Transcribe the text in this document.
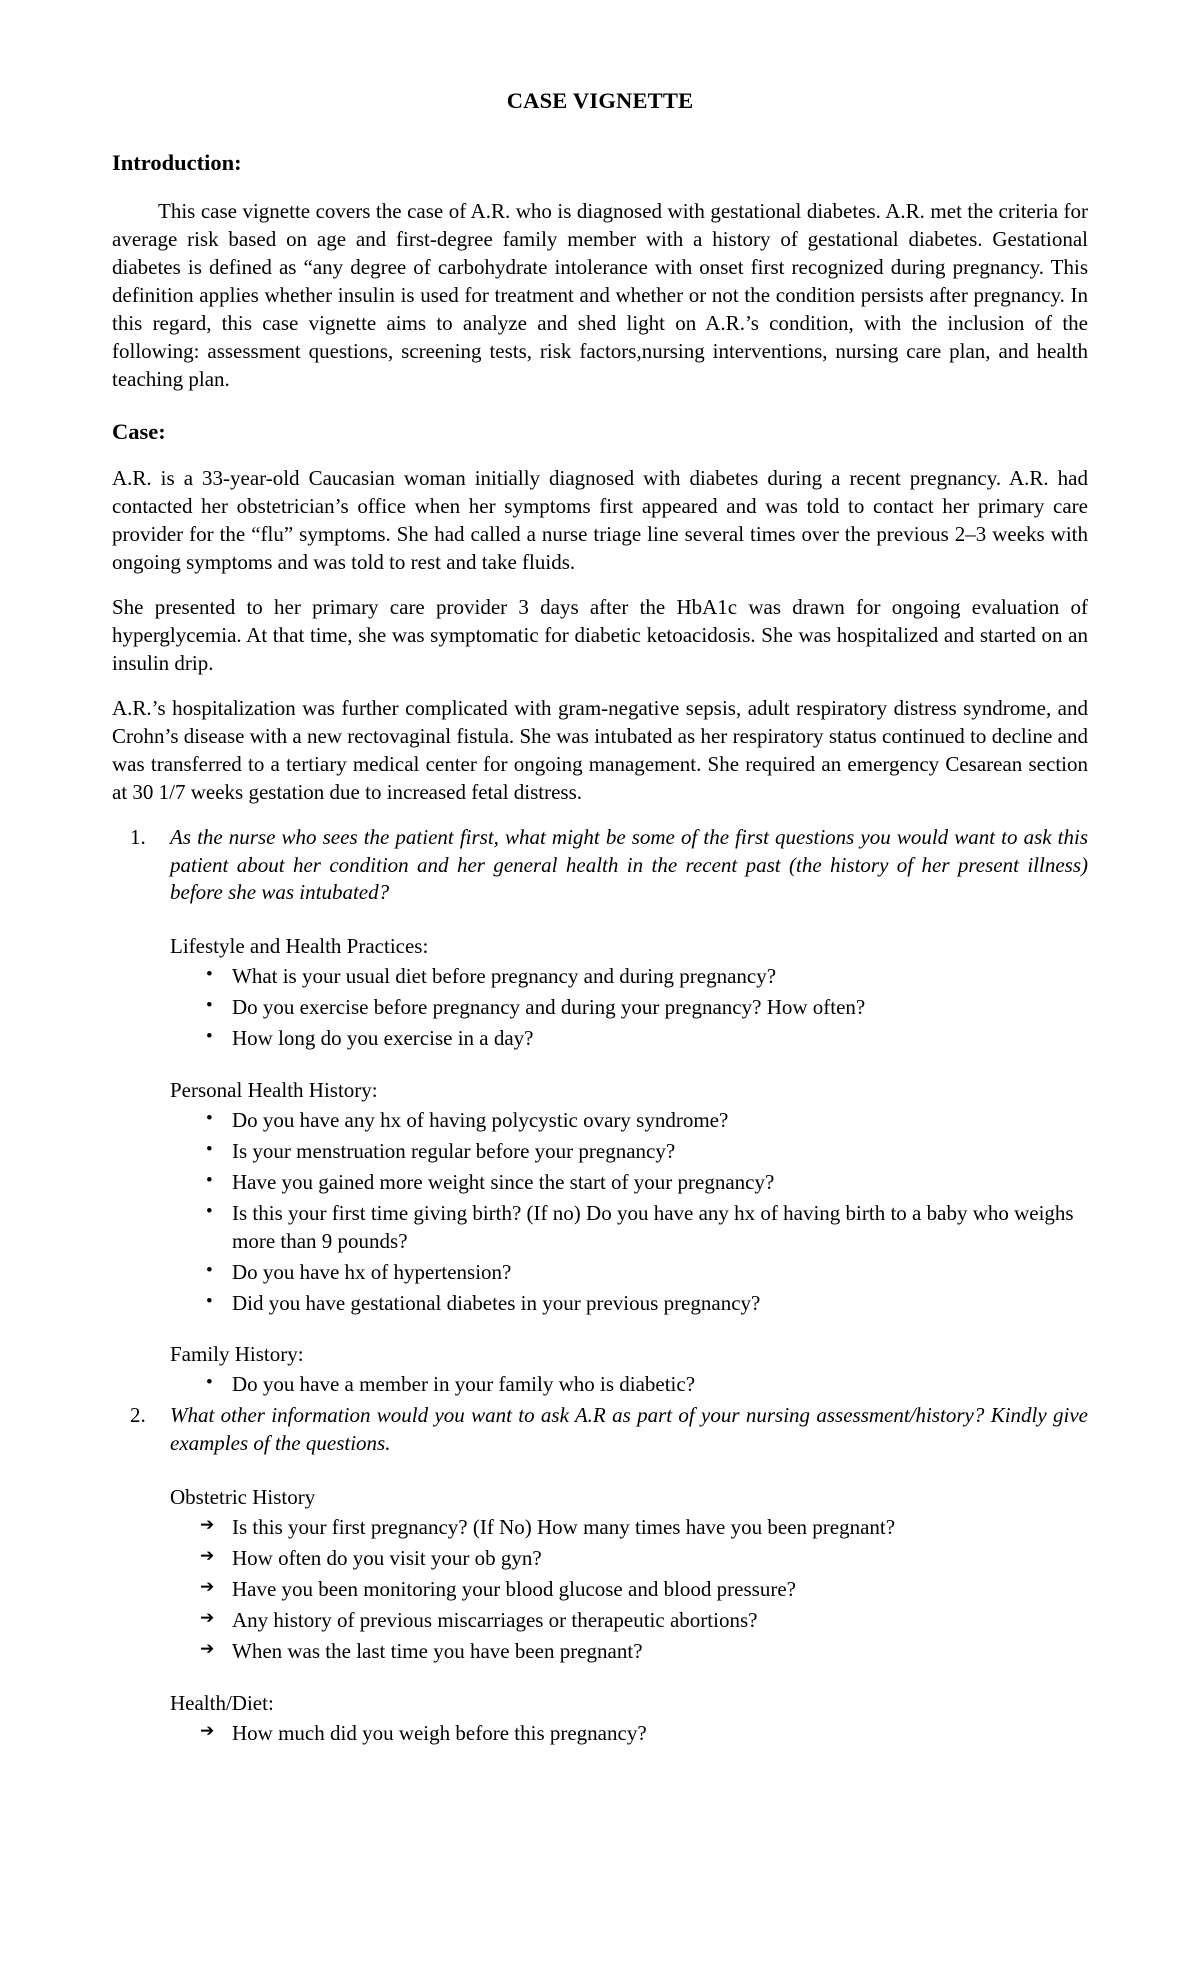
CASE VIGNETTE
Introduction:

This case vignette covers the case of A.R. who is diagnosed with gestational diabetes. A.R. met the criteria for average risk based on age and first-degree family member with a history of gestational diabetes. Gestational diabetes is defined as “any degree of carbohydrate intolerance with onset first recognized during pregnancy. This definition applies whether insulin is used for treatment and whether or not the condition persists after pregnancy. In this regard, this case vignette aims to analyze and shed light on A.R.’s condition, with the inclusion of the following: assessment questions, screening tests, risk factors,nursing interventions, nursing care plan, and health teaching plan.

Case:

A.R. is a 33-year-old Caucasian woman initially diagnosed with diabetes during a recent pregnancy. A.R. had contacted her obstetrician’s office when her symptoms first appeared and was told to contact her primary care provider for the “flu” symptoms. She had called a nurse triage line several times over the previous 2–3 weeks with ongoing symptoms and was told to rest and take fluids.

She presented to her primary care provider 3 days after the HbA1c was drawn for ongoing evaluation of hyperglycemia. At that time, she was symptomatic for diabetic ketoacidosis. She was hospitalized and started on an insulin drip.

A.R.’s hospitalization was further complicated with gram-negative sepsis, adult respiratory distress syndrome, and Crohn’s disease with a new rectovaginal fistula. She was intubated as her respiratory status continued to decline and was transferred to a tertiary medical center for ongoing management. She required an emergency Cesarean section at 30 1/7 weeks gestation due to increased fetal distress.

1. As the nurse who sees the patient first, what might be some of the first questions you would want to ask this patient about her condition and her general health in the recent past (the history of her present illness) before she was intubated?
Lifestyle and Health Practices:
• What is your usual diet before pregnancy and during pregnancy?
• Do you exercise before pregnancy and during your pregnancy? How often?
• How long do you exercise in a day?
Personal Health History:
• Do you have any hx of having polycystic ovary syndrome?
• Is your menstruation regular before your pregnancy?
• Have you gained more weight since the start of your pregnancy?
• Is this your first time giving birth? (If no) Do you have any hx of having birth to a baby who weighs more than 9 pounds?
• Do you have hx of hypertension?
• Did you have gestational diabetes in your previous pregnancy?
Family History:
• Do you have a member in your family who is diabetic?
2. What other information would you want to ask A.R as part of your nursing assessment/history? Kindly give examples of the questions.
Obstetric History
➔ Is this your first pregnancy? (If No) How many times have you been pregnant?
➔ How often do you visit your ob gyn?
➔ Have you been monitoring your blood glucose and blood pressure?
➔ Any history of previous miscarriages or therapeutic abortions?
➔ When was the last time you have been pregnant?
Health/Diet:
➔ How much did you weigh before this pregnancy?
